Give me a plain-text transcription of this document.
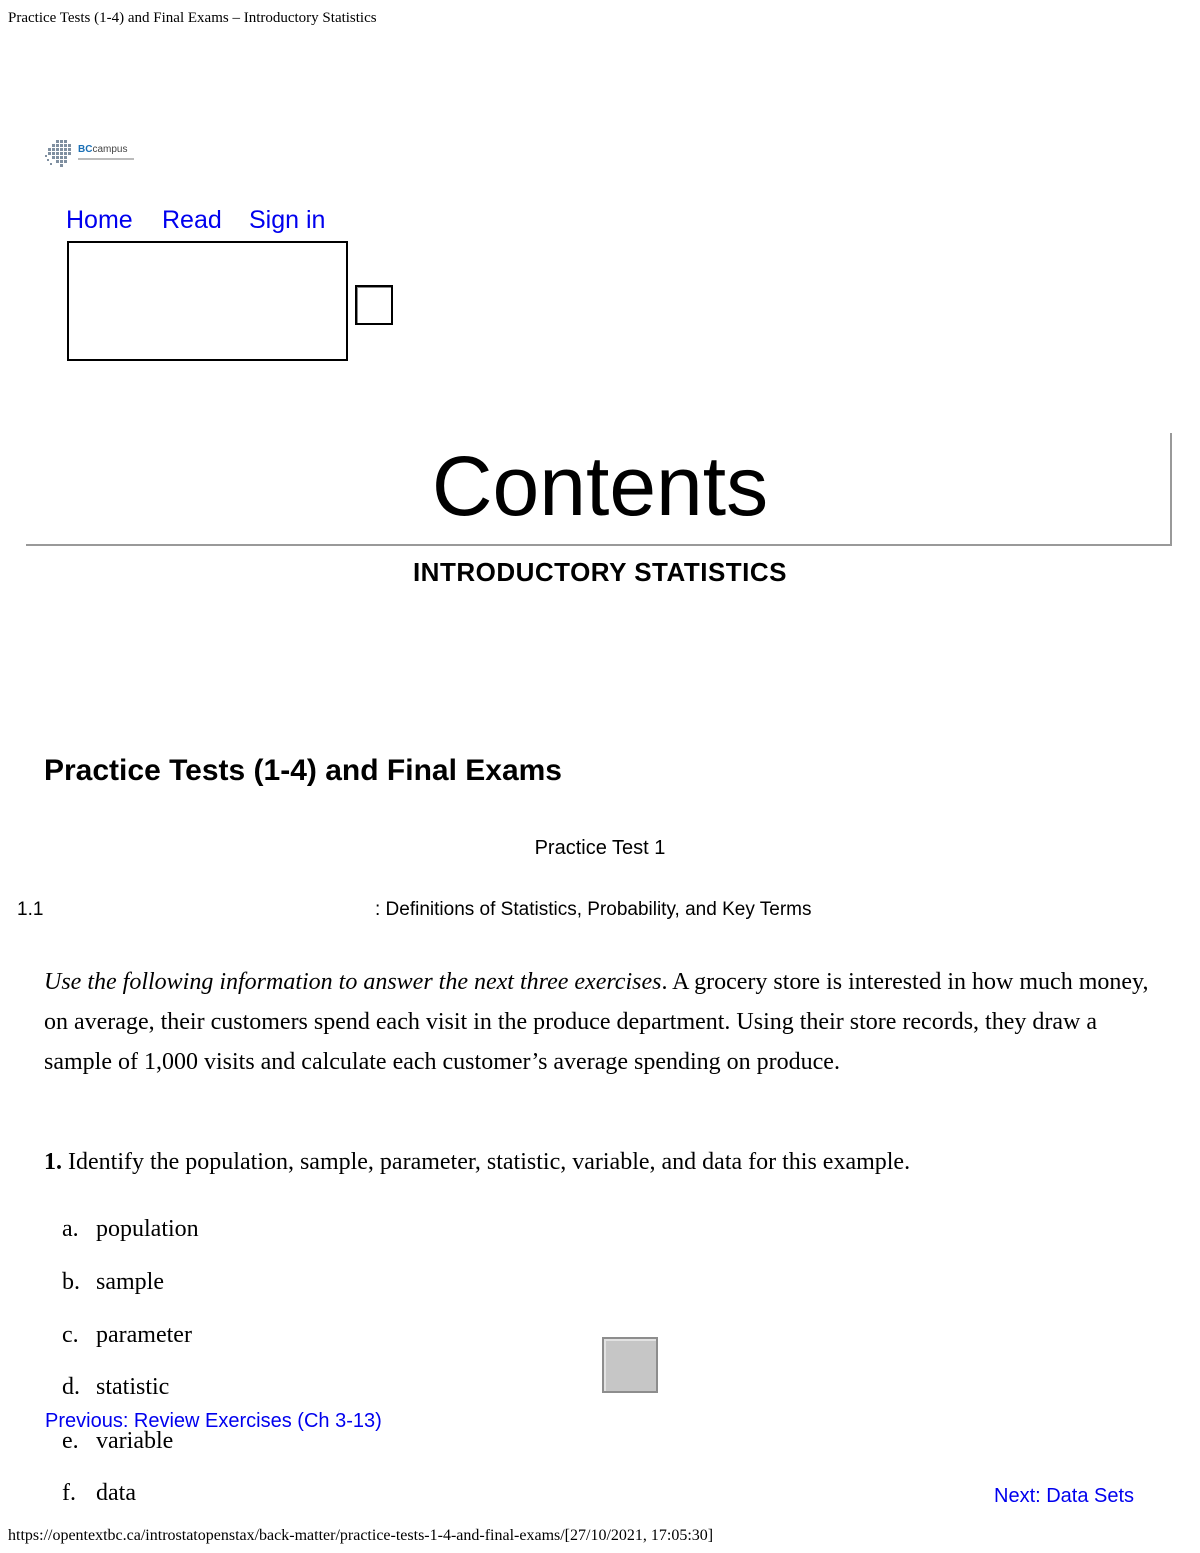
Practice Tests (1-4) and Final Exams – Introductory Statistics
BCcampus
Home Read Sign in
Contents
INTRODUCTORY STATISTICS
Practice Tests (1-4) and Final Exams
Practice Test 1
1.1	: Definitions of Statistics, Probability, and Key Terms

Use the following information to answer the next three exercises. A grocery store is interested in how much money, on average, their customers spend each visit in the produce department. Using their store records, they draw a sample of 1,000 visits and calculate each customer’s average spending on produce.

1. Identify the population, sample, parameter, statistic, variable, and data for this example.

a. population
b. sample
c. parameter
d. statistic
e. variable
f. data
Previous: Review Exercises (Ch 3-13)
Next: Data Sets
https://opentextbc.ca/introstatopenstax/back-matter/practice-tests-1-4-and-final-exams/[27/10/2021, 17:05:30]
